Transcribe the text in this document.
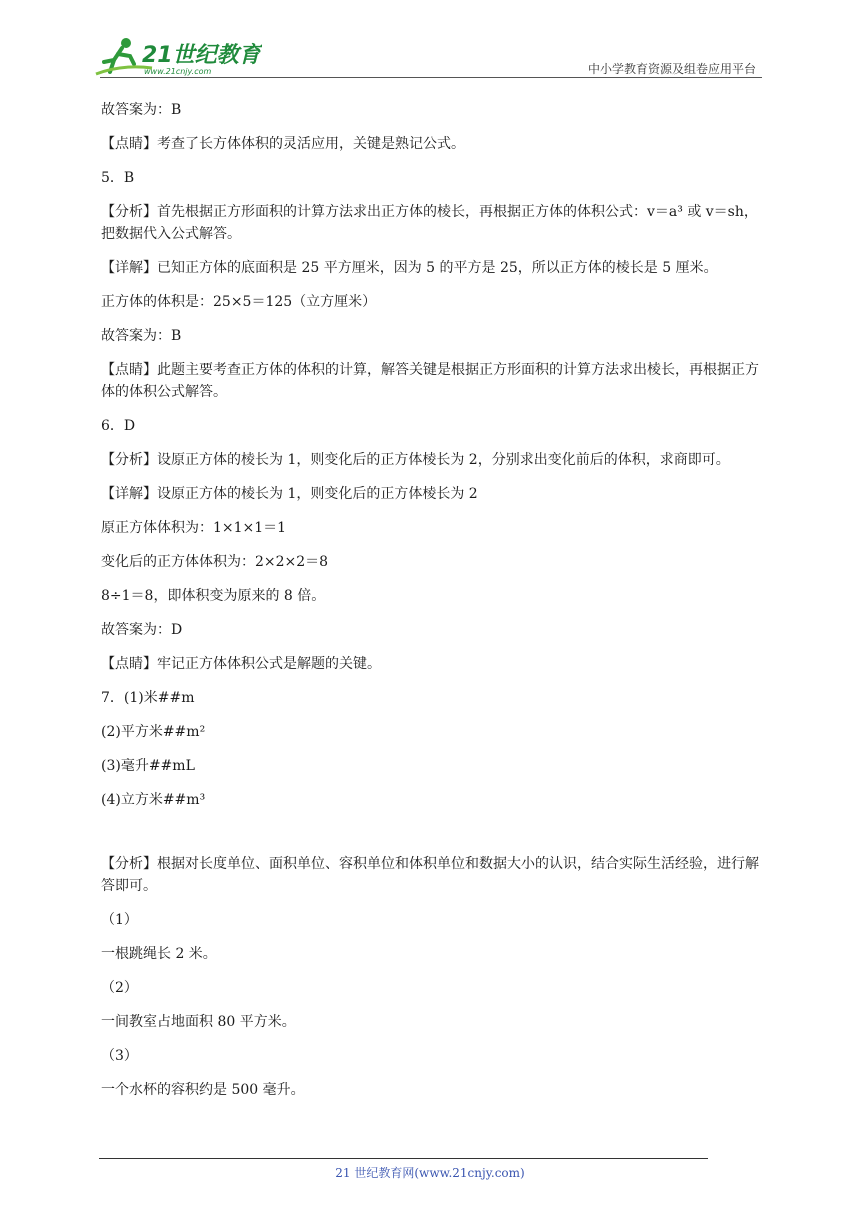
21世纪教育
www.21cnjy.com	中小学教育资源及组卷应用平台

故答案为：B

【点睛】考查了长方体体积的灵活应用，关键是熟记公式。

5．B

【分析】首先根据正方形面积的计算方法求出正方体的棱长，再根据正方体的体积公式：v＝a³ 或 v＝sh，把数据代入公式解答。

【详解】已知正方体的底面积是 25 平方厘米，因为 5 的平方是 25，所以正方体的棱长是 5 厘米。

正方体的体积是：25×5＝125（立方厘米）

故答案为：B

【点睛】此题主要考查正方体的体积的计算，解答关键是根据正方形面积的计算方法求出棱长，再根据正方体的体积公式解答。

6．D

【分析】设原正方体的棱长为 1，则变化后的正方体棱长为 2，分别求出变化前后的体积，求商即可。

【详解】设原正方体的棱长为 1，则变化后的正方体棱长为 2

原正方体体积为：1×1×1＝1

变化后的正方体体积为：2×2×2＝8

8÷1＝8，即体积变为原来的 8 倍。

故答案为：D

【点睛】牢记正方体体积公式是解题的关键。

7．(1)米##m

(2)平方米##m²

(3)毫升##mL

(4)立方米##m³

【分析】根据对长度单位、面积单位、容积单位和体积单位和数据大小的认识，结合实际生活经验，进行解答即可。

（1）

一根跳绳长 2 米。

（2）

一间教室占地面积 80 平方米。

（3）

一个水杯的容积约是 500 毫升。

21 世纪教育网(www.21cnjy.com)
